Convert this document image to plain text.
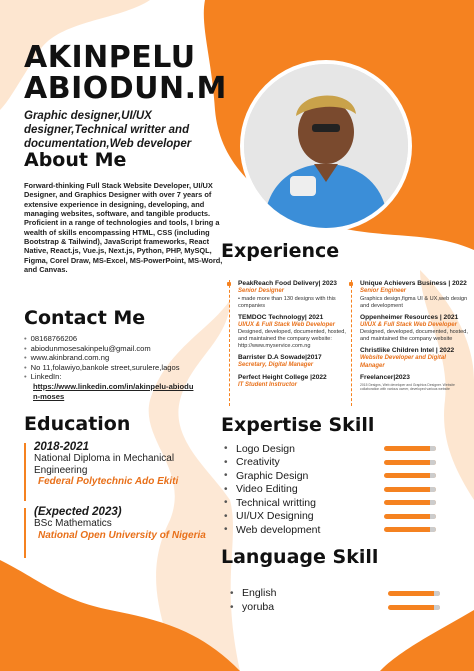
AKINPELU
ABIODUN.M
Graphic designer,UI/UX designer,Technical writter and documentation,Web developer
About Me
Forward-thinking Full Stack Website Developer, UI/UX Designer, and Graphics Designer with over 7 years of extensive experience in designing, developing, and managing websites, software, and tangible products. Proficient in a range of technologies and tools, I bring a wealth of skills encompassing HTML, CSS (including Bootstrap & Tailwind), JavaScript frameworks, React Native, React.js, Vue.js, Next.js, Python, PHP, MySQL, Figma, Corel Draw, MS-Excel, MS-PowerPoint, MS-Word, and Canvas.
Contact Me
• 08168766206
• abiodunmosesakinpelu@gmail.com
• www.akinbrand.com.ng
• No 11,folawiyo,bankole street,surulere,lagos
• LinkedIn:
https://www.linkedin.com/in/akinpelu-abiodun-moses
Education
2018-2021
National Diploma in Mechanical Engineering
Federal Polytechnic Ado Ekiti
(Expected 2023)
BSc Mathematics
National Open University of Nigeria
Experience
PeakReach Food Delivery| 2023
Senior Designer
• made more than 130 designs with this companies
TEMDOC Technology| 2021
UI/UX & Full Stack Web Developer
Designed, developed, documented, hosted, and maintained the company website: http://www.myservice.com.ng
Barrister D.A Sowade|2017
Secretary, Digital Manager
Perfect Height College |2022
IT Student Instructor
Unique Achievers Business | 2022
Senior Engineer
Graphics design,figma UI & UX,web design and development
Oppenheimer Resources | 2021
UI/UX & Full Stack Web Developer
Designed, developed, documented, hosted, and maintained the company website
Christlike Children Intel | 2022
Website Developer and Digital Manager
Freelancer|2023
2015 Designs, Web developer and Graphics Designer. Website collaboration with various owner, developed various website
Expertise Skill
• Logo Design
• Creativity
• Graphic Design
• Video Editing
• Technical writting
• UI/UX Designing
• Web development
Language Skill
• English
• yoruba
